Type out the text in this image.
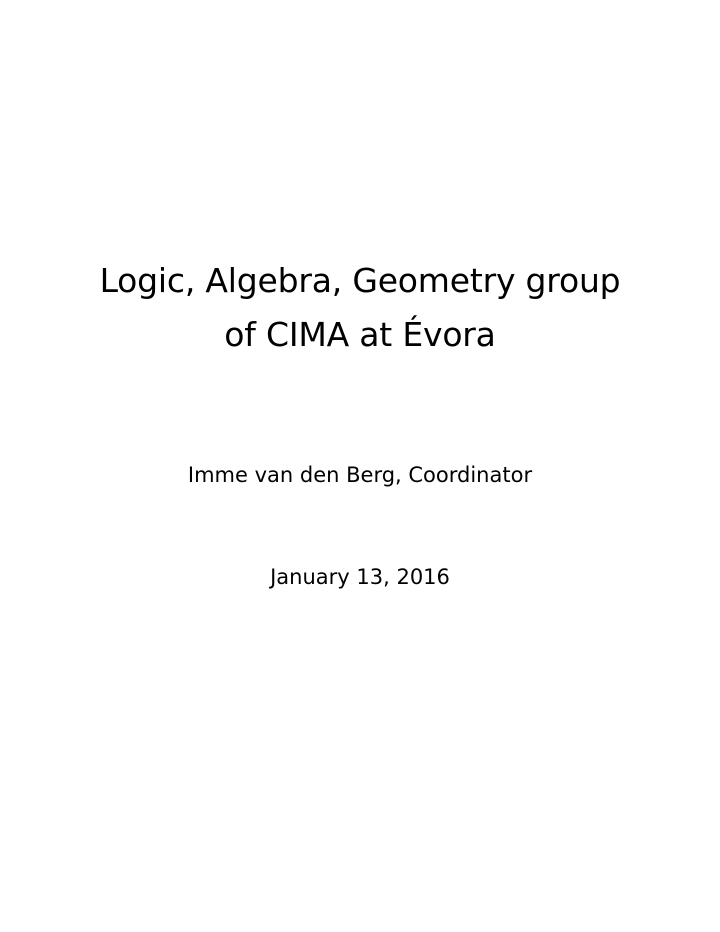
Logic, Algebra, Geometry group
of CIMA at Évora
Imme van den Berg, Coordinator
January 13, 2016
